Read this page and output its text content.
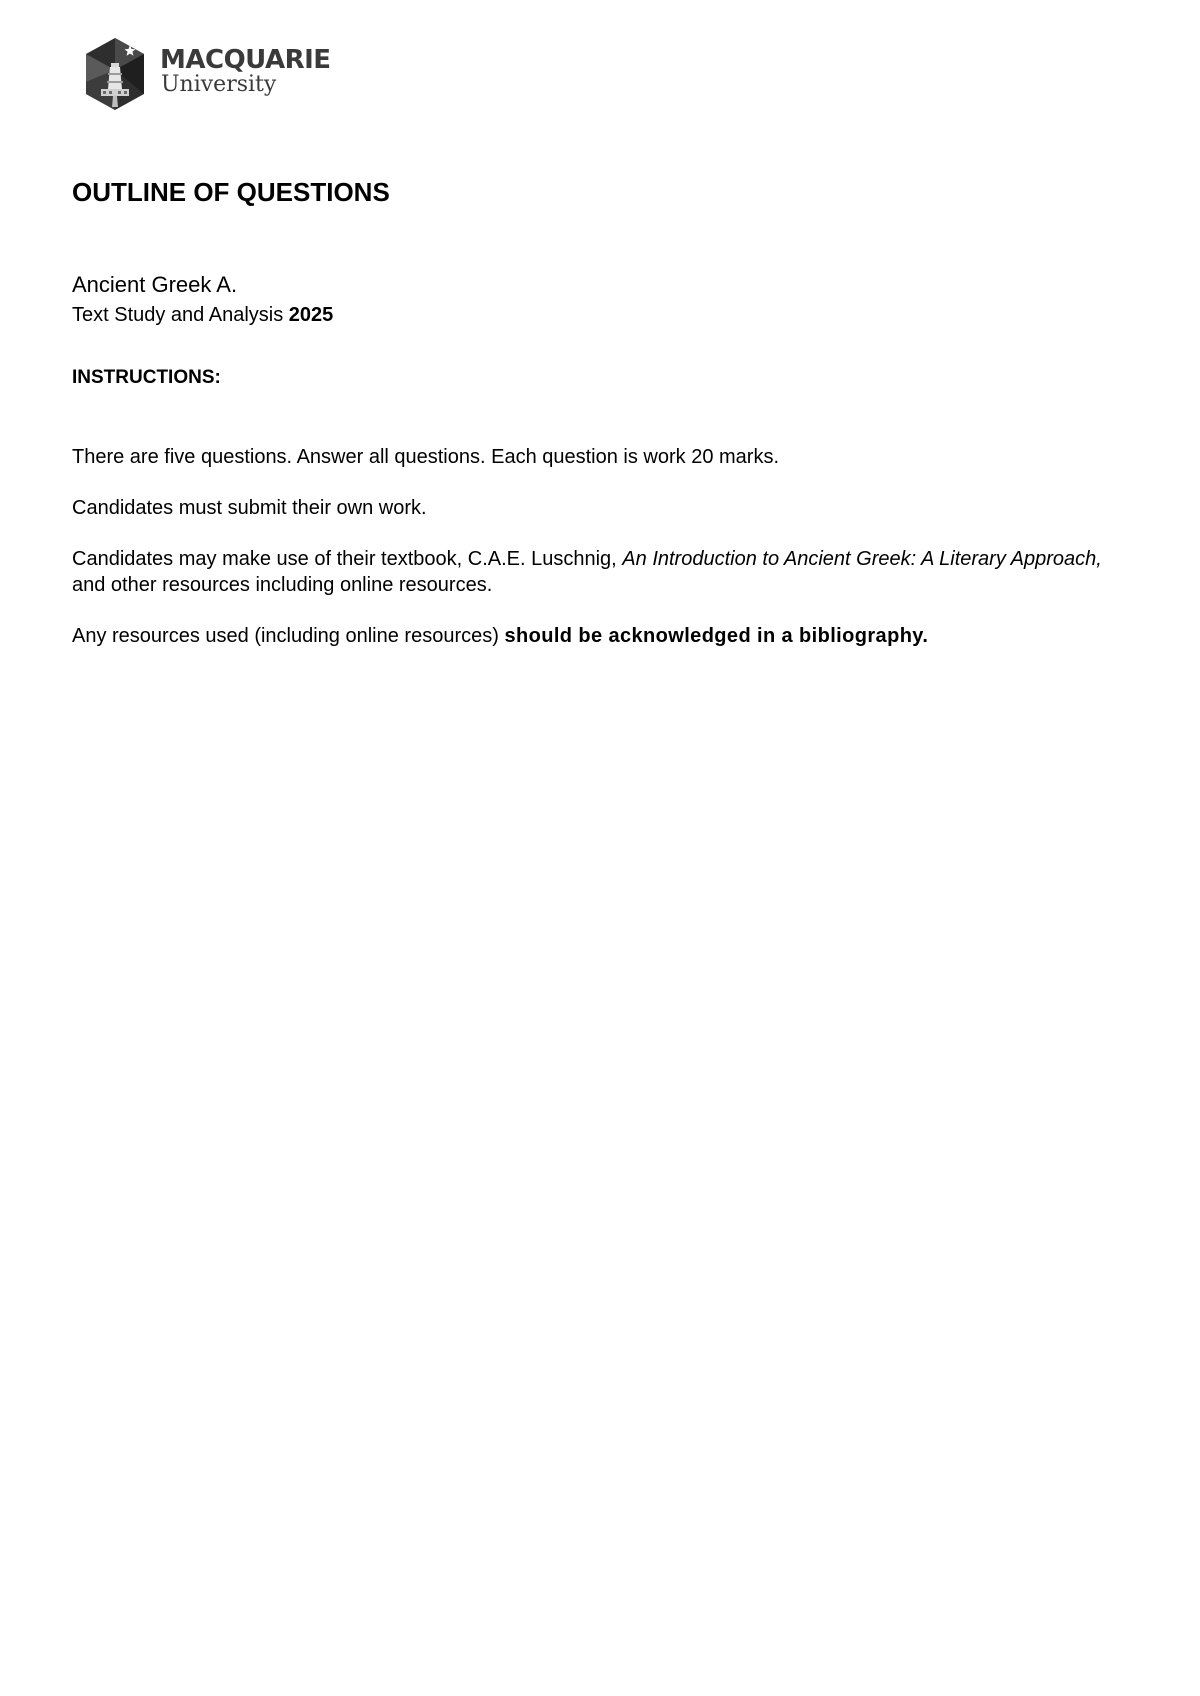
MACQUARIE
University
OUTLINE OF QUESTIONS
Ancient Greek A.
Text Study and Analysis 2025
INSTRUCTIONS:
There are five questions. Answer all questions. Each question is work 20 marks.
Candidates must submit their own work.
Candidates may make use of their textbook, C.A.E. Luschnig, An Introduction to Ancient Greek: A Literary Approach, and other resources including online resources.
Any resources used (including online resources) should be acknowledged in a bibliography.
